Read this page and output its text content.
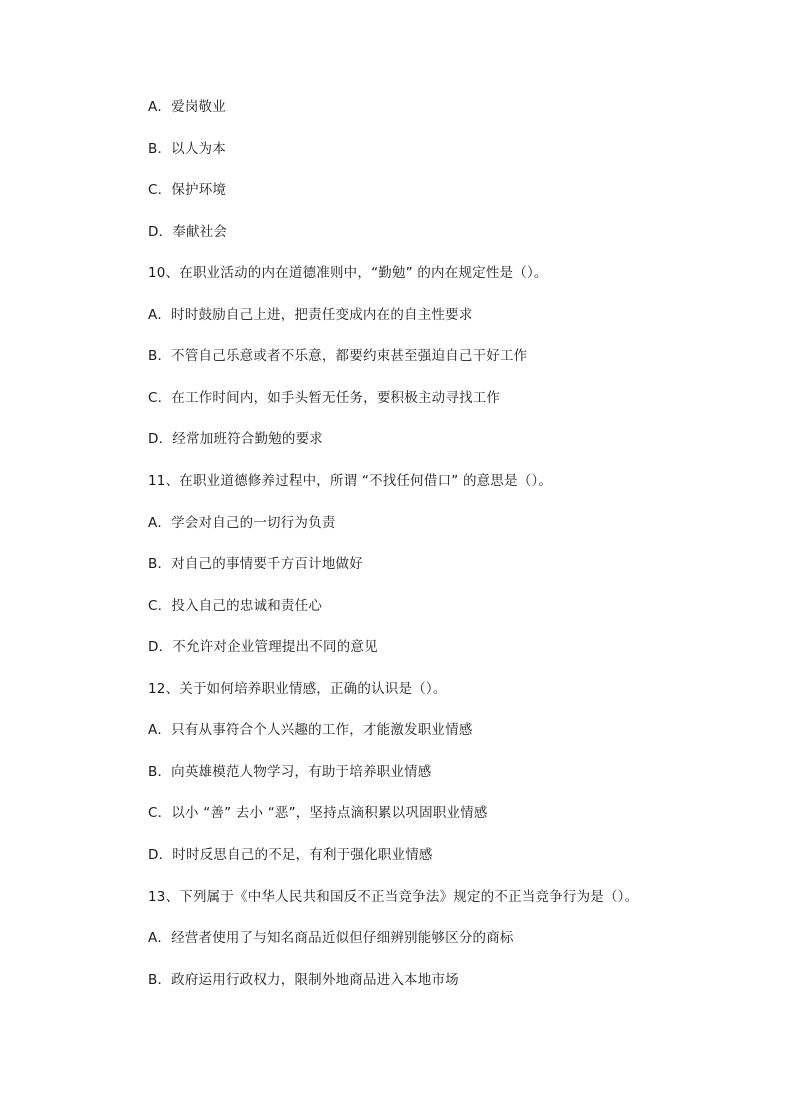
A．爱岗敬业
B．以人为本
C．保护环境
D．奉献社会
10、在职业活动的内在道德准则中，“勤勉” 的内在规定性是（）。
A．时时鼓励自己上进，把责任变成内在的自主性要求
B．不管自己乐意或者不乐意，都要约束甚至强迫自己干好工作
C．在工作时间内，如手头暂无任务，要积极主动寻找工作
D．经常加班符合勤勉的要求
11、在职业道德修养过程中，所谓 “不找任何借口” 的意思是（）。
A．学会对自己的一切行为负责
B．对自己的事情要千方百计地做好
C．投入自己的忠诚和责任心
D．不允许对企业管理提出不同的意见
12、关于如何培养职业情感，正确的认识是（）。
A．只有从事符合个人兴趣的工作，才能激发职业情感
B．向英雄模范人物学习，有助于培养职业情感
C．以小 “善” 去小 “恶”，坚持点滴积累以巩固职业情感
D．时时反思自己的不足，有利于强化职业情感
13、下列属于《中华人民共和国反不正当竞争法》规定的不正当竞争行为是（）。
A．经营者使用了与知名商品近似但仔细辨别能够区分的商标
B．政府运用行政权力，限制外地商品进入本地市场
